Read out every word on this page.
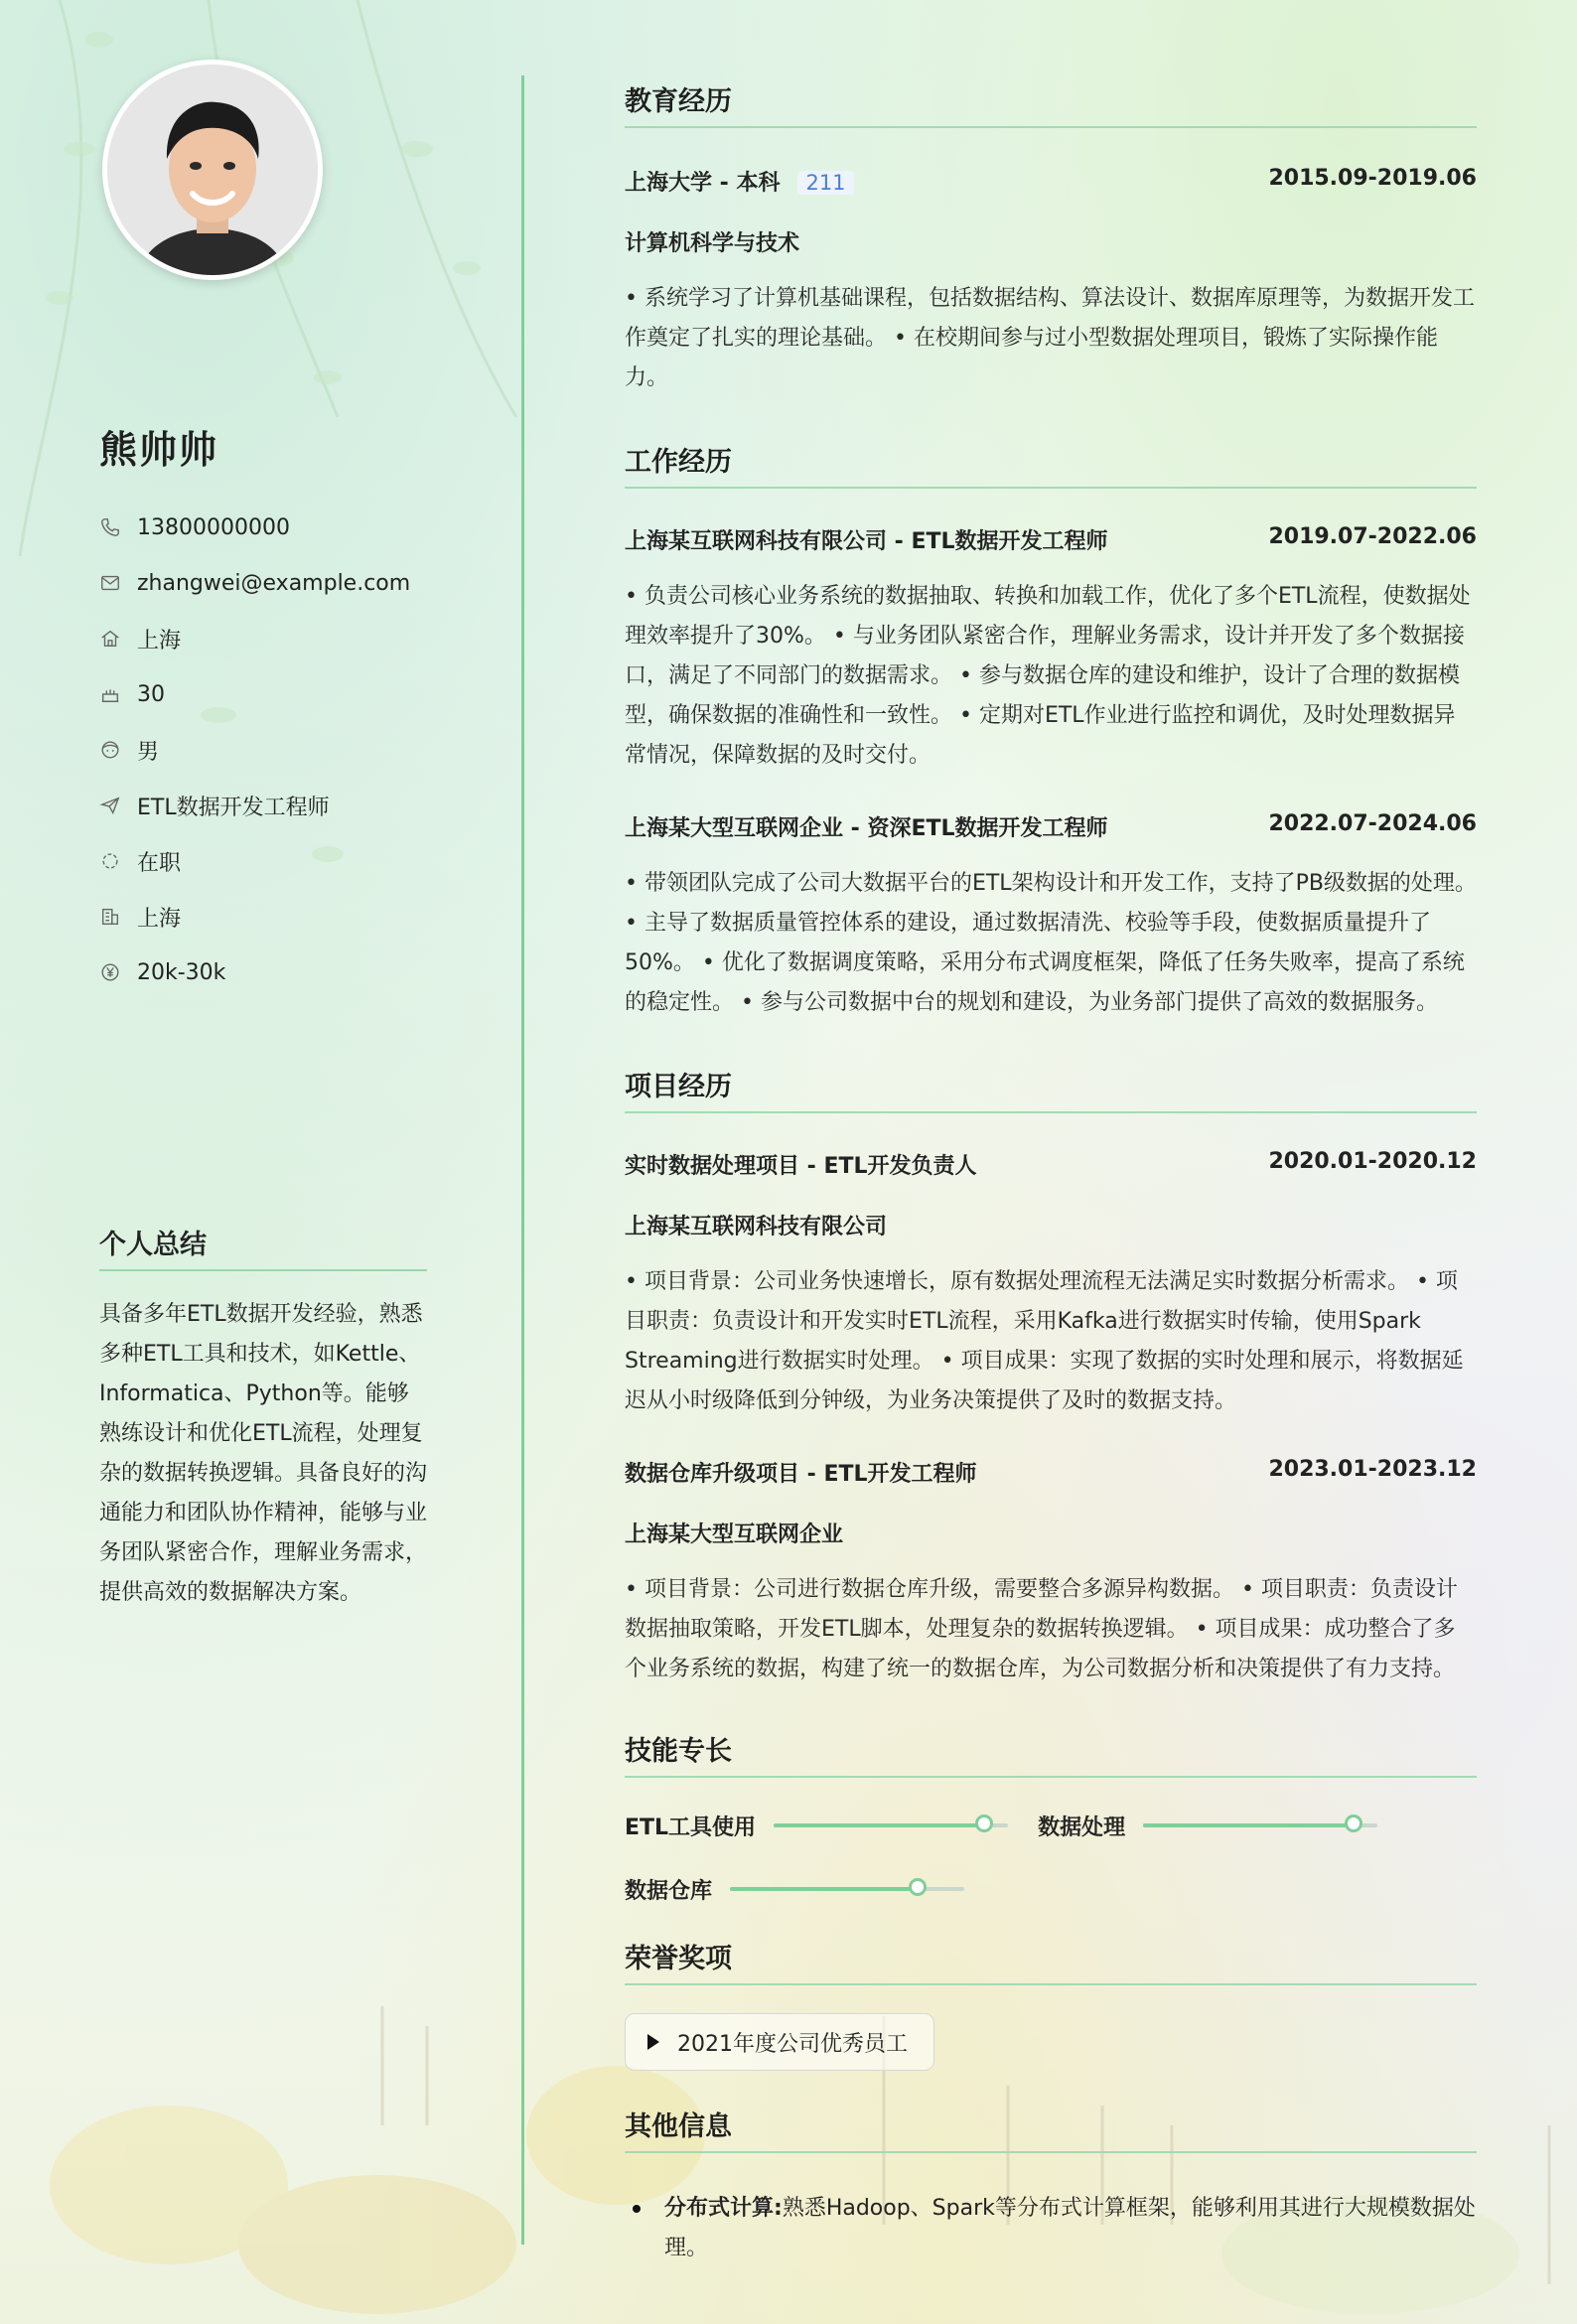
熊帅帅
13800000000
zhangwei@example.com
上海
30
男
ETL数据开发工程师
在职
上海
20k-30k
个人总结
具备多年ETL数据开发经验，熟悉多种ETL工具和技术，如Kettle、Informatica、Python等。能够熟练设计和优化ETL流程，处理复杂的数据转换逻辑。具备良好的沟通能力和团队协作精神，能够与业务团队紧密合作，理解业务需求，提供高效的数据解决方案。
教育经历
上海大学 - 本科 211	2015.09-2019.06
计算机科学与技术
• 系统学习了计算机基础课程，包括数据结构、算法设计、数据库原理等，为数据开发工作奠定了扎实的理论基础。 • 在校期间参与过小型数据处理项目，锻炼了实际操作能力。
工作经历
上海某互联网科技有限公司 - ETL数据开发工程师	2019.07-2022.06
• 负责公司核心业务系统的数据抽取、转换和加载工作，优化了多个ETL流程，使数据处理效率提升了30%。 • 与业务团队紧密合作，理解业务需求，设计并开发了多个数据接口，满足了不同部门的数据需求。 • 参与数据仓库的建设和维护，设计了合理的数据模型，确保数据的准确性和一致性。 • 定期对ETL作业进行监控和调优，及时处理数据异常情况，保障数据的及时交付。
上海某大型互联网企业 - 资深ETL数据开发工程师	2022.07-2024.06
• 带领团队完成了公司大数据平台的ETL架构设计和开发工作，支持了PB级数据的处理。 • 主导了数据质量管控体系的建设，通过数据清洗、校验等手段，使数据质量提升了50%。 • 优化了数据调度策略，采用分布式调度框架，降低了任务失败率，提高了系统的稳定性。 • 参与公司数据中台的规划和建设，为业务部门提供了高效的数据服务。
项目经历
实时数据处理项目 - ETL开发负责人	2020.01-2020.12
上海某互联网科技有限公司
• 项目背景：公司业务快速增长，原有数据处理流程无法满足实时数据分析需求。 • 项目职责：负责设计和开发实时ETL流程，采用Kafka进行数据实时传输，使用Spark Streaming进行数据实时处理。 • 项目成果：实现了数据的实时处理和展示，将数据延迟从小时级降低到分钟级，为业务决策提供了及时的数据支持。
数据仓库升级项目 - ETL开发工程师	2023.01-2023.12
上海某大型互联网企业
• 项目背景：公司进行数据仓库升级，需要整合多源异构数据。 • 项目职责：负责设计数据抽取策略，开发ETL脚本，处理复杂的数据转换逻辑。 • 项目成果：成功整合了多个业务系统的数据，构建了统一的数据仓库，为公司数据分析和决策提供了有力支持。
技能专长
ETL工具使用	数据处理
数据仓库
荣誉奖项
2021年度公司优秀员工
其他信息
分布式计算:熟悉Hadoop、Spark等分布式计算框架，能够利用其进行大规模数据处理。
